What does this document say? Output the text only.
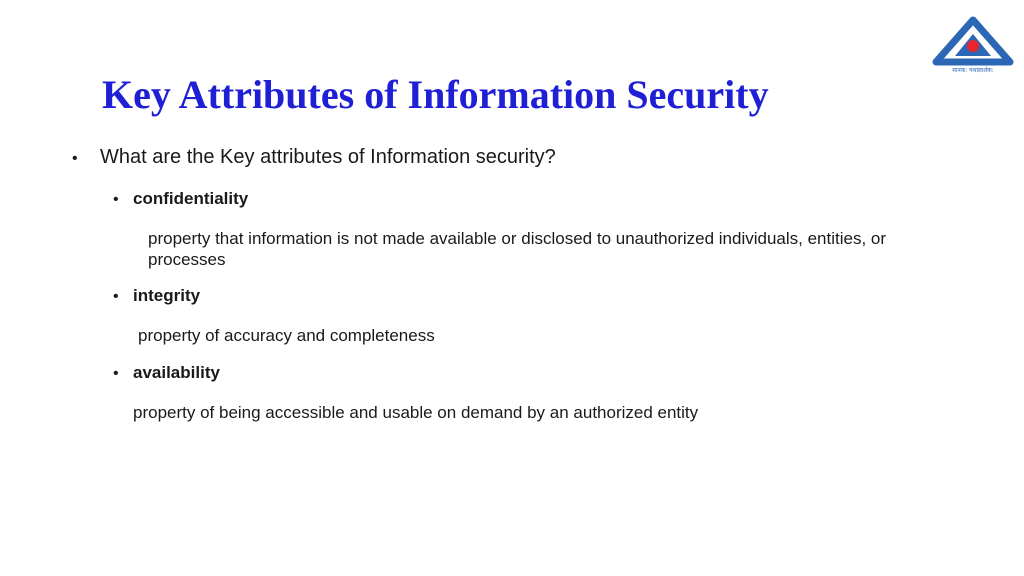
मानक: पथप्रदर्शक:
Key Attributes of Information Security
•	What are the Key attributes of Information security?
• confidentiality

property that information is not made available or disclosed to unauthorized individuals, entities, or processes

• integrity

property of accuracy and completeness

• availability

property of being accessible and usable on demand by an authorized entity
